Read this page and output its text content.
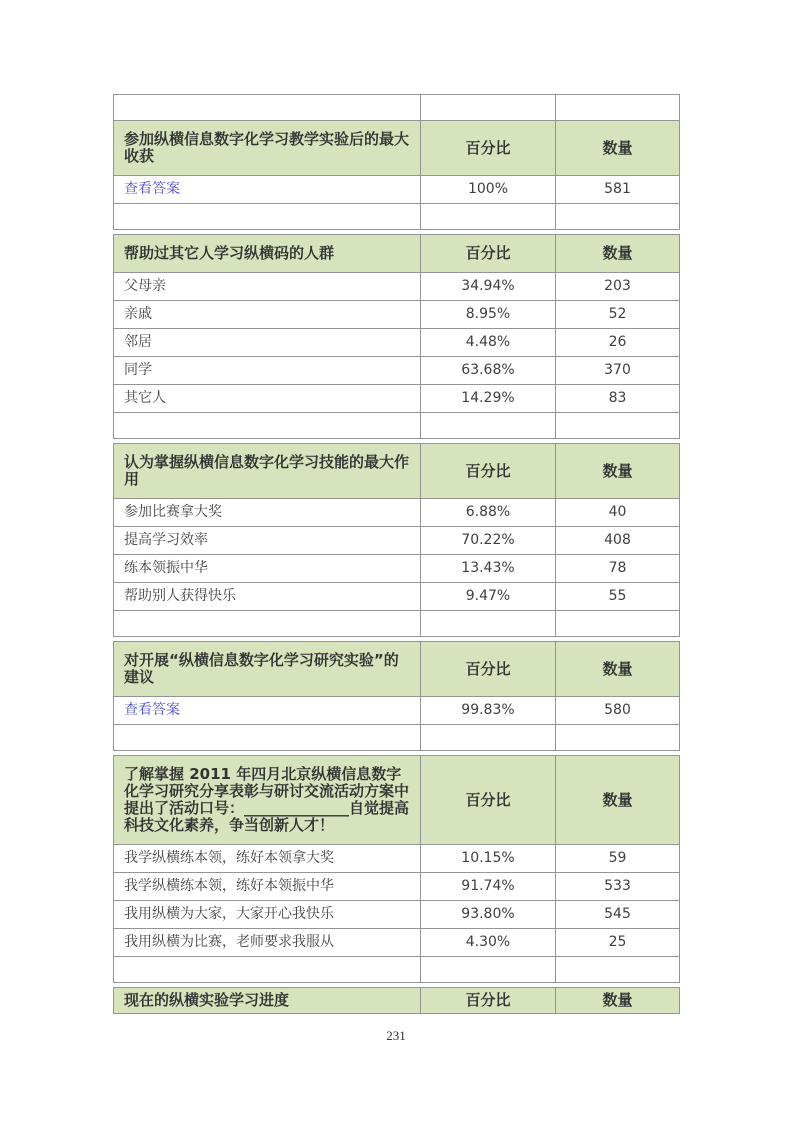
参加纵横信息数字化学习教学实验后的最大收获	百分比	数量
查看答案	100%	581

帮助过其它人学习纵横码的人群	百分比	数量
父母亲	34.94%	203
亲戚	8.95%	52
邻居	4.48%	26
同学	63.68%	370
其它人	14.29%	83

认为掌握纵横信息数字化学习技能的最大作用	百分比	数量
参加比赛拿大奖	6.88%	40
提高学习效率	70.22%	408
练本领振中华	13.43%	78
帮助别人获得快乐	9.47%	55

对开展“纵横信息数字化学习研究实验”的建议	百分比	数量
查看答案	99.83%	580

了解掌握 2011 年四月北京纵横信息数字化学习研究分享表彰与研讨交流活动方案中提出了活动口号：______________自觉提高科技文化素养，争当创新人才！	百分比	数量
我学纵横练本领，练好本领拿大奖	10.15%	59
我学纵横练本领，练好本领振中华	91.74%	533
我用纵横为大家，大家开心我快乐	93.80%	545
我用纵横为比赛，老师要求我服从	4.30%	25

现在的纵横实验学习进度	百分比	数量
231
